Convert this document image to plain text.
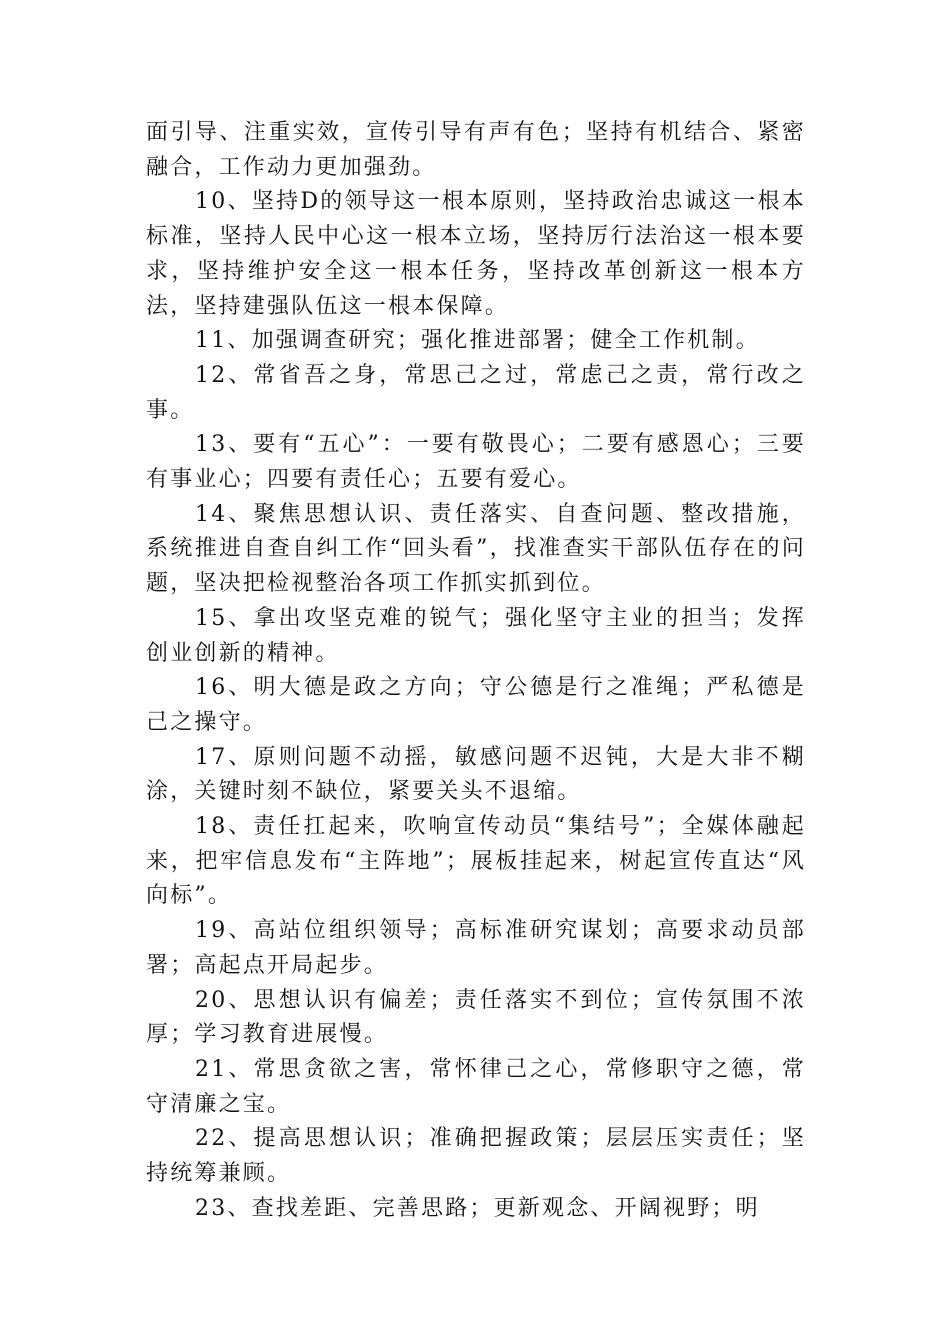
面引导、注重实效，宣传引导有声有色；坚持有机结合、紧密融合，工作动力更加强劲。

10、坚持D的领导这一根本原则，坚持政治忠诚这一根本标准，坚持人民中心这一根本立场，坚持厉行法治这一根本要求，坚持维护安全这一根本任务，坚持改革创新这一根本方法，坚持建强队伍这一根本保障。

11、加强调查研究；强化推进部署；健全工作机制。

12、常省吾之身，常思己之过，常虑己之责，常行改之事。

13、要有“五心”：一要有敬畏心；二要有感恩心；三要有事业心；四要有责任心；五要有爱心。

14、聚焦思想认识、责任落实、自查问题、整改措施，系统推进自查自纠工作“回头看”，找准查实干部队伍存在的问题，坚决把检视整治各项工作抓实抓到位。

15、拿出攻坚克难的锐气；强化坚守主业的担当；发挥创业创新的精神。

16、明大德是政之方向；守公德是行之准绳；严私德是己之操守。

17、原则问题不动摇，敏感问题不迟钝，大是大非不糊涂，关键时刻不缺位，紧要关头不退缩。

18、责任扛起来，吹响宣传动员“集结号”；全媒体融起来，把牢信息发布“主阵地”；展板挂起来，树起宣传直达“风向标”。

19、高站位组织领导；高标准研究谋划；高要求动员部署；高起点开局起步。

20、思想认识有偏差；责任落实不到位；宣传氛围不浓厚；学习教育进展慢。

21、常思贪欲之害，常怀律己之心，常修职守之德，常守清廉之宝。

22、提高思想认识；准确把握政策；层层压实责任；坚持统筹兼顾。

23、查找差距、完善思路；更新观念、开阔视野；明
